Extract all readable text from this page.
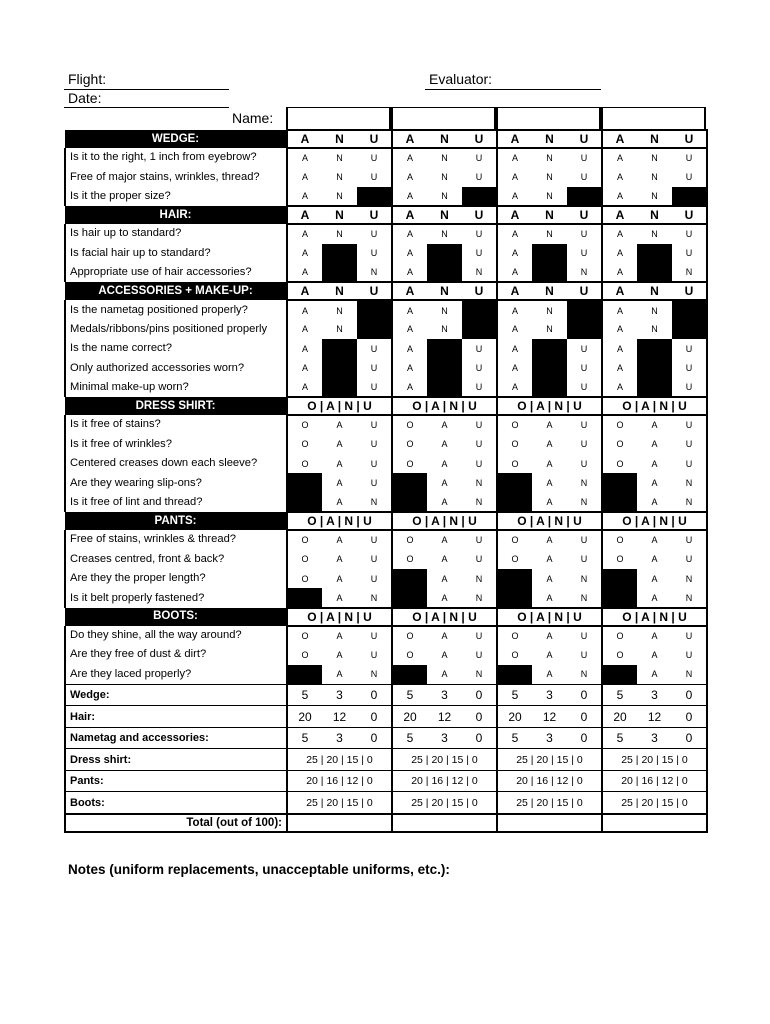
Flight:
Date:
Evaluator:
Name:
WEDGE:	A	N	U	A	N	U	A	N	U	A	N	U
Is it to the right, 1 inch from eyebrow?	A	N	U	A	N	U	A	N	U	A	N	U
Free of major stains, wrinkles, thread?	A	N	U	A	N	U	A	N	U	A	N	U
Is it the proper size?	A	N		A	N		A	N		A	N	
HAIR:	A	N	U	A	N	U	A	N	U	A	N	U
Is hair up to standard?	A	N	U	A	N	U	A	N	U	A	N	U
Is facial hair up to standard?	A		U	A		U	A		U	A		U
Appropriate use of hair accessories?	A		N	A		N	A		N	A		N
ACCESSORIES + MAKE-UP:	A	N	U	A	N	U	A	N	U	A	N	U
Is the nametag positioned properly?	A	N		A	N		A	N		A	N	
Medals/ribbons/pins positioned properly	A	N		A	N		A	N		A	N	
Is the name correct?	A		U	A		U	A		U	A		U
Only authorized accessories worn?	A		U	A		U	A		U	A		U
Minimal make-up worn?	A		U	A		U	A		U	A		U
DRESS SHIRT:	O | A | N | U			O | A | N | U			O | A | N | U			O | A | N | U		
Is it free of stains?	O	A	U	O	A	U	O	A	U	O	A	U
Is it free of wrinkles?	O	A	U	O	A	U	O	A	U	O	A	U
Centered creases down each sleeve?	O	A	U	O	A	U	O	A	U	O	A	U
Are they wearing slip-ons?		A	U		A	N		A	N		A	N
Is it free of lint and thread?		A	N		A	N		A	N		A	N
PANTS:	O | A | N | U			O | A | N | U			O | A | N | U			O | A | N | U		
Free of stains, wrinkles & thread?	O	A	U	O	A	U	O	A	U	O	A	U
Creases centred, front & back?	O	A	U	O	A	U	O	A	U	O	A	U
Are they the proper length?	O	A	U		A	N		A	N		A	N
Is it belt properly fastened?		A	N		A	N		A	N		A	N
BOOTS:	O | A | N | U			O | A | N | U			O | A | N | U			O | A | N | U		
Do they shine, all the way around?	O	A	U	O	A	U	O	A	U	O	A	U
Are they free of dust & dirt?	O	A	U	O	A	U	O	A	U	O	A	U
Are they laced properly?		A	N		A	N		A	N		A	N
Wedge:	5	3	0	5	3	0	5	3	0	5	3	0
Hair:	20	12	0	20	12	0	20	12	0	20	12	0
Nametag and accessories:	5	3	0	5	3	0	5	3	0	5	3	0
Dress shirt:	25 | 20 | 15 | 0			25 | 20 | 15 | 0			25 | 20 | 15 | 0			25 | 20 | 15 | 0		
Pants:	20 | 16 | 12 | 0			20 | 16 | 12 | 0			20 | 16 | 12 | 0			20 | 16 | 12 | 0		
Boots:	25 | 20 | 15 | 0			25 | 20 | 15 | 0			25 | 20 | 15 | 0			25 | 20 | 15 | 0		
Total (out of 100):												
Notes (uniform replacements, unacceptable uniforms, etc.):
